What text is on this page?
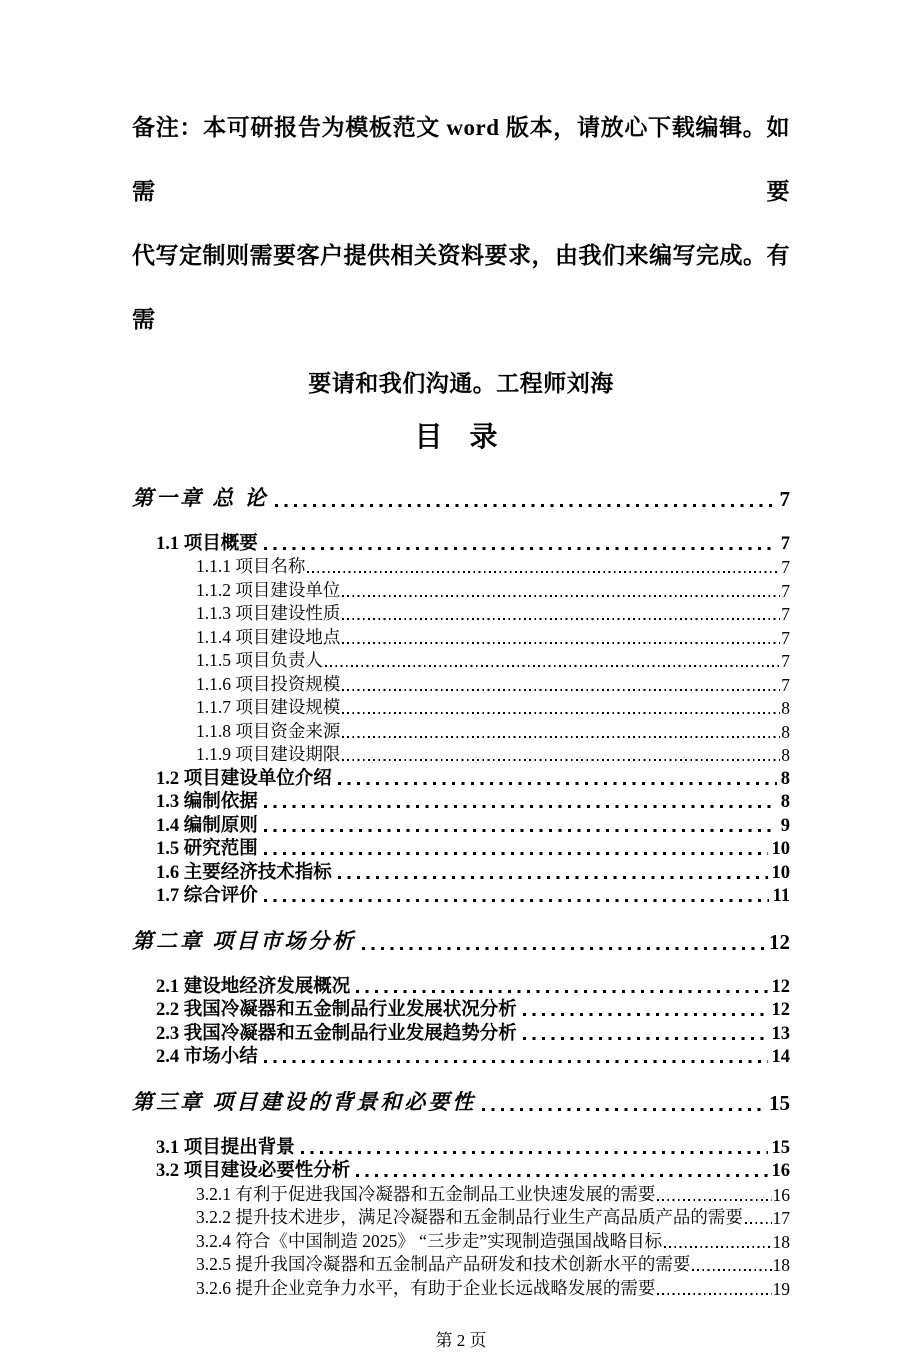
备注：本可研报告为模板范文 word 版本，请放心下载编辑。如需要
代写定制则需要客户提供相关资料要求，由我们来编写完成。有需
要请和我们沟通。工程师刘海

目 录
第一章 总 论	7
1.1 项目概要	7
1.1.1 项目名称	7
1.1.2 项目建设单位	7
1.1.3 项目建设性质	7
1.1.4 项目建设地点	7
1.1.5 项目负责人	7
1.1.6 项目投资规模	7
1.1.7 项目建设规模	8
1.1.8 项目资金来源	8
1.1.9 项目建设期限	8
1.2 项目建设单位介绍	8
1.3 编制依据	8
1.4 编制原则	9
1.5 研究范围	10
1.6 主要经济技术指标	10
1.7 综合评价	11
第二章 项目市场分析	12
2.1 建设地经济发展概况	12
2.2 我国冷凝器和五金制品行业发展状况分析	12
2.3 我国冷凝器和五金制品行业发展趋势分析	13
2.4 市场小结	14
第三章 项目建设的背景和必要性	15
3.1 项目提出背景	15
3.2 项目建设必要性分析	16
3.2.1 有利于促进我国冷凝器和五金制品工业快速发展的需要	16
3.2.2 提升技术进步，满足冷凝器和五金制品行业生产高品质产品的需要 17
3.2.4 符合《中国制造 2025》 “三步走”实现制造强国战略目标	18
3.2.5 提升我国冷凝器和五金制品产品研发和技术创新水平的需要	18
3.2.6 提升企业竞争力水平，有助于企业长远战略发展的需要	19
第 2 页
